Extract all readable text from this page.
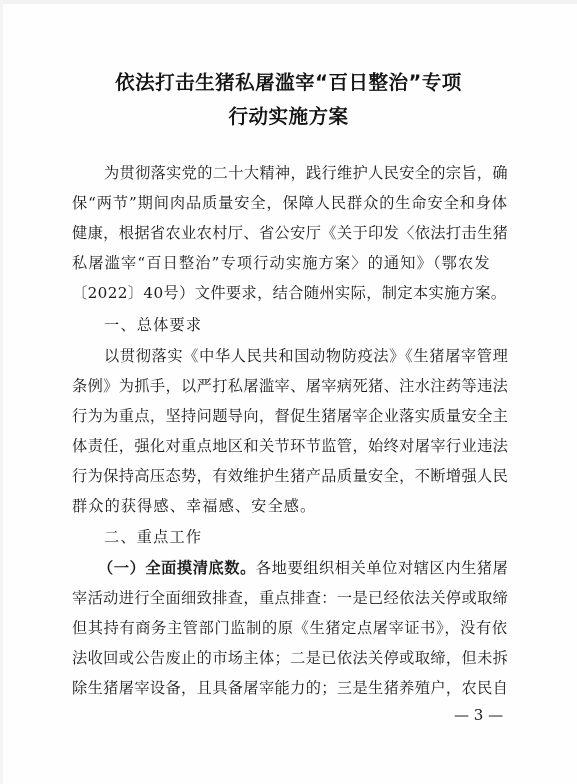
依法打击生猪私屠滥宰“百日整治”专项
行动实施方案
为贯彻落实党的二十大精神，践行维护人民安全的宗旨，确
保“两节”期间肉品质量安全，保障人民群众的生命安全和身体
健康，根据省农业农村厅、省公安厅《关于印发〈依法打击生猪
私屠滥宰“百日整治”专项行动实施方案〉的通知》（鄂农发
〔2022〕40号）文件要求，结合随州实际，制定本实施方案。
一、总体要求
以贯彻落实《中华人民共和国动物防疫法》《生猪屠宰管理
条例》为抓手，以严打私屠滥宰、屠宰病死猪、注水注药等违法
行为为重点，坚持问题导向，督促生猪屠宰企业落实质量安全主
体责任，强化对重点地区和关节环节监管，始终对屠宰行业违法
行为保持高压态势，有效维护生猪产品质量安全，不断增强人民
群众的获得感、幸福感、安全感。
二、重点工作
（一）全面摸清底数。各地要组织相关单位对辖区内生猪屠
宰活动进行全面细致排查，重点排查：一是已经依法关停或取缔
但其持有商务主管部门监制的原《生猪定点屠宰证书》，没有依
法收回或公告废止的市场主体；二是已依法关停或取缔，但未拆
除生猪屠宰设备，且具备屠宰能力的；三是生猪养殖户，农民自
— 3 —
